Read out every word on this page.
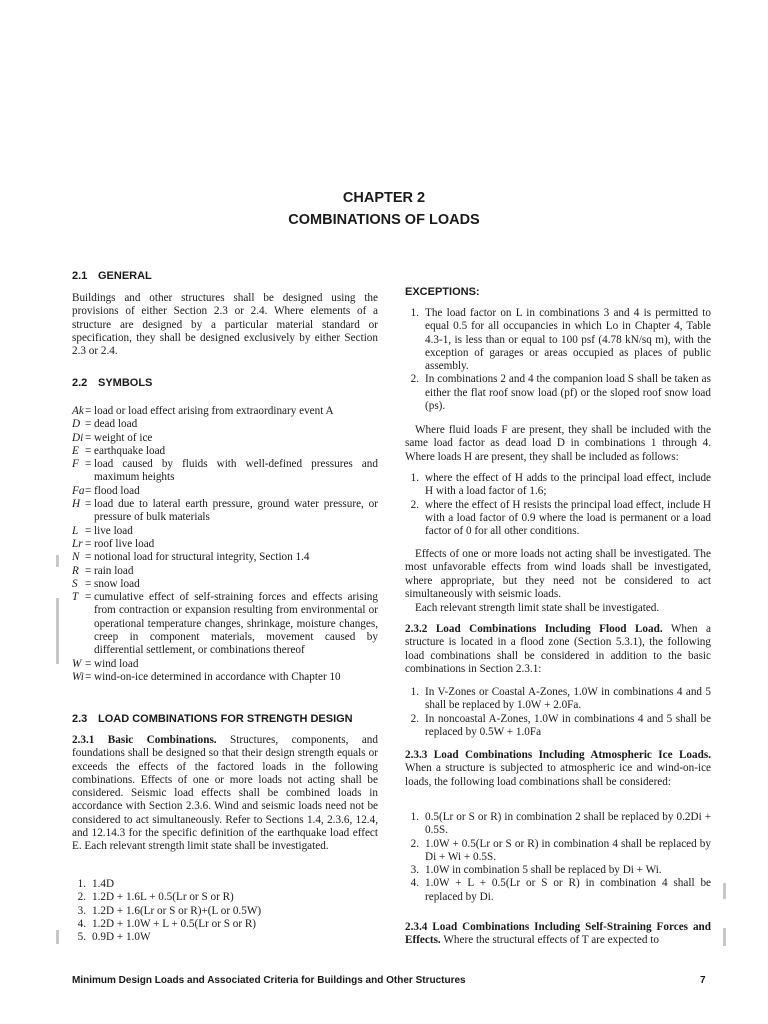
CHAPTER 2
COMBINATIONS OF LOADS
2.1 GENERAL
Buildings and other structures shall be designed using the provisions of either Section 2.3 or 2.4. Where elements of a structure are designed by a particular material standard or specification, they shall be designed exclusively by either Section 2.3 or 2.4.
2.2 SYMBOLS
Ak = load or load effect arising from extraordinary event A
D = dead load
Di = weight of ice
E = earthquake load
F = load caused by fluids with well-defined pressures and maximum heights
Fa = flood load
H = load due to lateral earth pressure, ground water pressure, or pressure of bulk materials
L = live load
Lr = roof live load
N = notional load for structural integrity, Section 1.4
R = rain load
S = snow load
T = cumulative effect of self-straining forces and effects arising from contraction or expansion resulting from environmental or operational temperature changes, shrinkage, moisture changes, creep in component materials, movement caused by differential settlement, or combinations thereof
W = wind load
Wi = wind-on-ice determined in accordance with Chapter 10
2.3 LOAD COMBINATIONS FOR STRENGTH DESIGN
2.3.1 Basic Combinations. Structures, components, and foundations shall be designed so that their design strength equals or exceeds the effects of the factored loads in the following combinations. Effects of one or more loads not acting shall be considered. Seismic load effects shall be combined loads in accordance with Section 2.3.6. Wind and seismic loads need not be considered to act simultaneously. Refer to Sections 1.4, 2.3.6, 12.4, and 12.14.3 for the specific definition of the earthquake load effect E. Each relevant strength limit state shall be investigated.
1. 1.4D
2. 1.2D + 1.6L + 0.5(Lr or S or R)
3. 1.2D + 1.6(Lr or S or R)+(L or 0.5W)
4. 1.2D + 1.0W + L + 0.5(Lr or S or R)
5. 0.9D + 1.0W
EXCEPTIONS:
1. The load factor on L in combinations 3 and 4 is permitted to equal 0.5 for all occupancies in which Lo in Chapter 4, Table 4.3-1, is less than or equal to 100 psf (4.78 kN/sq m), with the exception of garages or areas occupied as places of public assembly.
2. In combinations 2 and 4 the companion load S shall be taken as either the flat roof snow load (pf) or the sloped roof snow load (ps).
Where fluid loads F are present, they shall be included with the same load factor as dead load D in combinations 1 through 4. Where loads H are present, they shall be included as follows:
1. where the effect of H adds to the principal load effect, include H with a load factor of 1.6;
2. where the effect of H resists the principal load effect, include H with a load factor of 0.9 where the load is permanent or a load factor of 0 for all other conditions.
Effects of one or more loads not acting shall be investigated. The most unfavorable effects from wind loads shall be investigated, where appropriate, but they need not be considered to act simultaneously with seismic loads.
Each relevant strength limit state shall be investigated.
2.3.2 Load Combinations Including Flood Load. When a structure is located in a flood zone (Section 5.3.1), the following load combinations shall be considered in addition to the basic combinations in Section 2.3.1:
1. In V-Zones or Coastal A-Zones, 1.0W in combinations 4 and 5 shall be replaced by 1.0W + 2.0Fa.
2. In noncoastal A-Zones, 1.0W in combinations 4 and 5 shall be replaced by 0.5W + 1.0Fa
2.3.3 Load Combinations Including Atmospheric Ice Loads. When a structure is subjected to atmospheric ice and wind-on-ice loads, the following load combinations shall be considered:
1. 0.5(Lr or S or R) in combination 2 shall be replaced by 0.2Di + 0.5S.
2. 1.0W + 0.5(Lr or S or R) in combination 4 shall be replaced by Di + Wi + 0.5S.
3. 1.0W in combination 5 shall be replaced by Di + Wi.
4. 1.0W + L + 0.5(Lr or S or R) in combination 4 shall be replaced by Di.
2.3.4 Load Combinations Including Self-Straining Forces and Effects. Where the structural effects of T are expected to
Minimum Design Loads and Associated Criteria for Buildings and Other Structures	7
